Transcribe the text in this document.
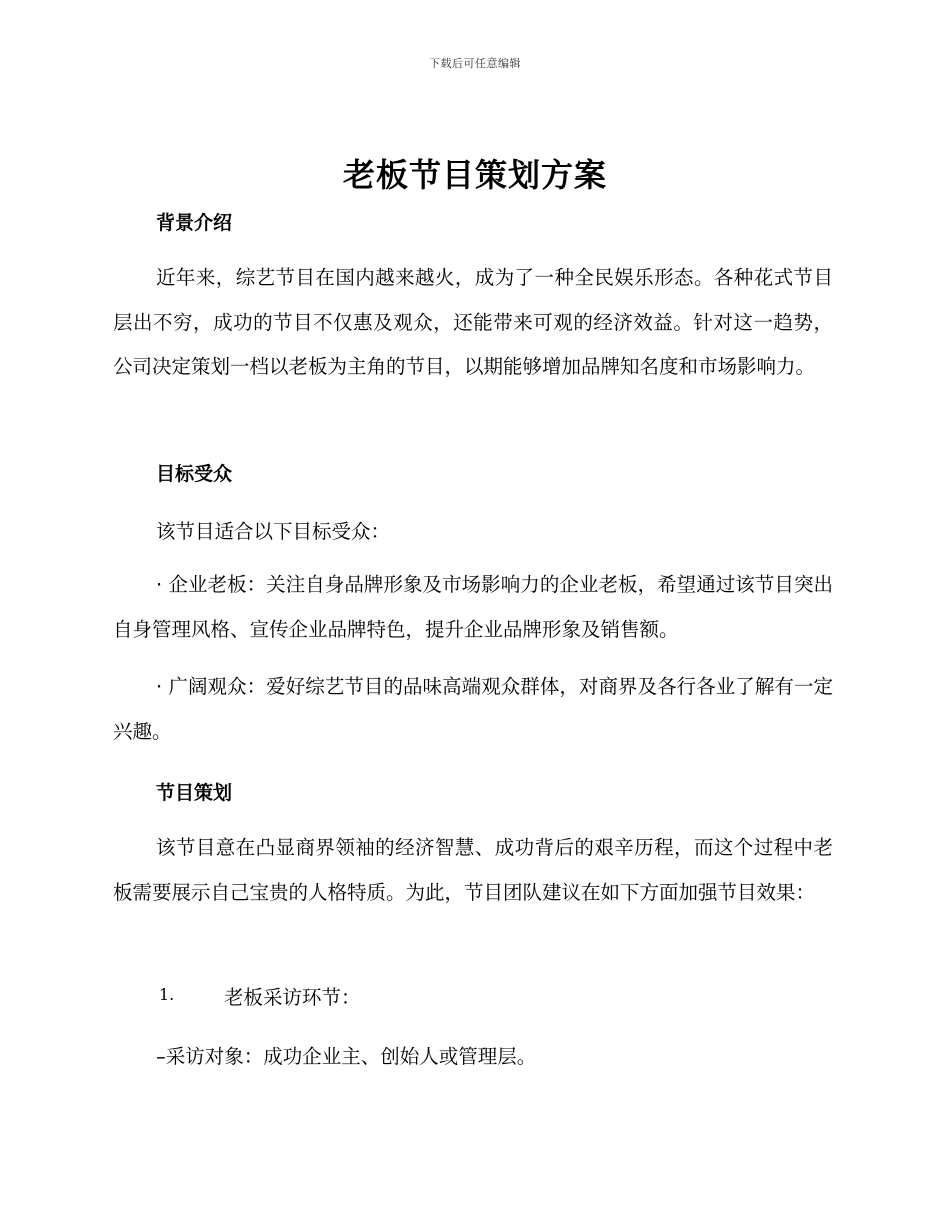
下载后可任意编辑
老板节目策划方案
背景介绍
近年来，综艺节目在国内越来越火，成为了一种全民娱乐形态。各种花式节目层出不穷，成功的节目不仅惠及观众，还能带来可观的经济效益。针对这一趋势，公司决定策划一档以老板为主角的节目，以期能够增加品牌知名度和市场影响力。
目标受众
该节目适合以下目标受众：
· 企业老板：关注自身品牌形象及市场影响力的企业老板，希望通过该节目突出自身管理风格、宣传企业品牌特色，提升企业品牌形象及销售额。
· 广阔观众：爱好综艺节目的品味高端观众群体，对商界及各行各业了解有一定兴趣。
节目策划
该节目意在凸显商界领袖的经济智慧、成功背后的艰辛历程，而这个过程中老板需要展示自己宝贵的人格特质。为此，节目团队建议在如下方面加强节目效果：
1.	老板采访环节：
–采访对象：成功企业主、创始人或管理层。
